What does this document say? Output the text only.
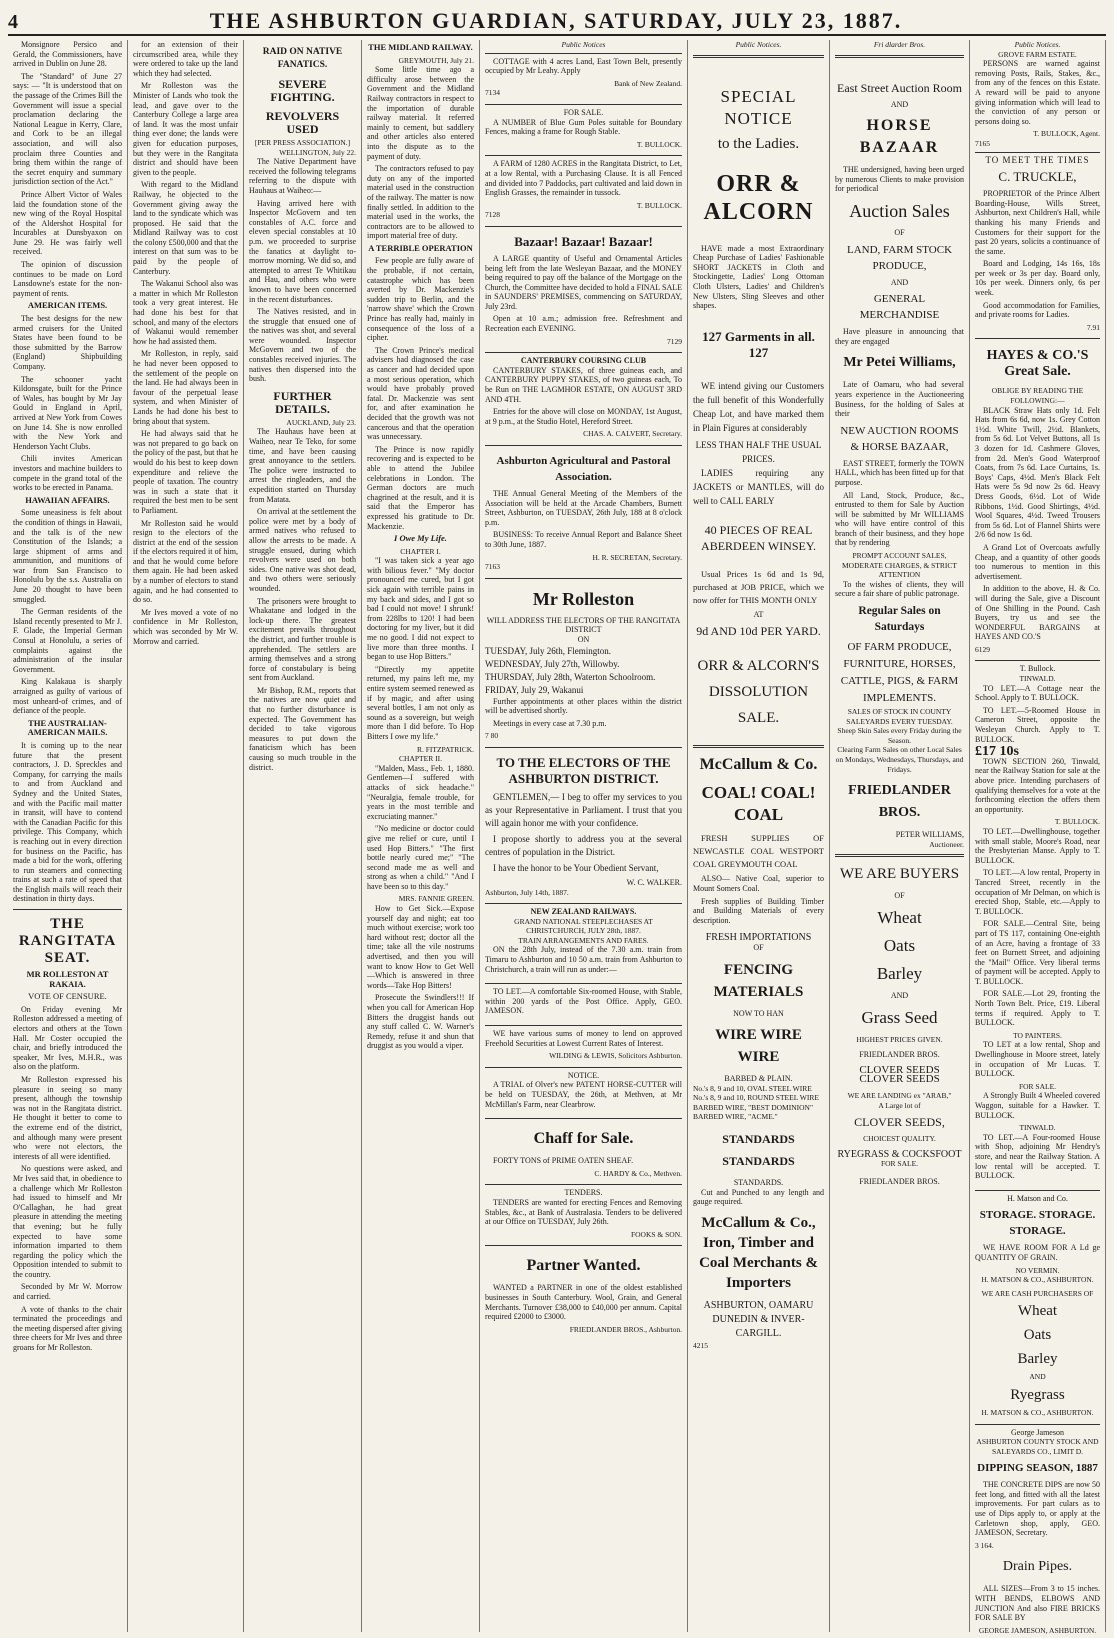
4	THE ASHBURTON GUARDIAN, SATURDAY, JULY 23, 1887.

Monsignore Persico and Gerald, the Commissioners, have arrived in Dublin on June 28.

The "Standard" of June 27 says: — "It is understood that on the passage of the Crimes Bill the Government will issue a special proclamation declaring the National League in Kerry, Clare, and Cork to be an illegal association, and will also proclaim three Counties and bring them within the range of the secret enquiry and summary jurisdiction section of the Act."

Prince Albert Victor of Wales laid the foundation stone of the new wing of the Royal Hospital of the Aldershot Hospital for Incurables at Dunsbyaxon on June 29. He was fairly well received.

The opinion of discussion continues to be made on Lord Lansdowne's estate for the non-payment of rents.

AMERICAN ITEMS.

The best designs for the new armed cruisers for the United States have been found to be those submitted by the Barrow (England) Shipbuilding Company.

The schooner yacht Kildonsgate, built for the Prince of Wales, has bought by Mr Jay Gould in England in April, arrived at New York from Cowes on June 14. She is now enrolled with the New York and Henderson Yacht Clubs.

Chili invites American investors and machine builders to compete in the grand total of the works to be erected in Panama.

HAWAIIAN AFFAIRS.

Some uneasiness is felt about the condition of things in Hawaii, and the talk is of the new Constitution of the Islands; a large shipment of arms and ammunition, and munitions of war from San Francisco to Honolulu by the s.s. Australia on June 20 thought to have been smuggled.

The German residents of the Island recently presented to Mr J. F. Glade, the Imperial German Consul at Honolulu, a series of complaints against the administration of the insular Government.

King Kalakaua is sharply arraigned as guilty of various of most unheard-of crimes, and of defiance of the people.

THE AUSTRALIAN-AMERICAN MAILS.

It is coming up to the near future that the present contractors, J. D. Spreckles and Company, for carrying the mails to and from Auckland and Sydney and the United States, and with the Pacific mail matter in transit, will have to contend with the Canadian Pacific for this privilege. This Company, which is reaching out in every direction for business on the Pacific, has made a bid for the work, offering to run steamers and connecting trains at such a rate of speed that the English mails will reach their destination in thirty days.

THE RANGITATA SEAT.
MR ROLLESTON AT RAKAIA.
VOTE OF CENSURE.

On Friday evening Mr Rolleston addressed a meeting of electors and others at the Town Hall. Mr Coster occupied the chair, and briefly introduced the speaker, Mr Ives, M.H.R., was also on the platform.

Mr Rolleston expressed his pleasure in seeing so many present, although the township was not in the Rangitata district. He thought it better to come to the extreme end of the district, and although many were present who were not electors, the interests of all were identified.

No questions were asked, and Mr Ives said that, in obedience to a challenge which Mr Rolleston had issued to himself and Mr O'Callaghan, he had great pleasure in attending the meeting that evening; but he fully expected to have some information imparted to them regarding the policy which the Opposition intended to submit to the country.

Seconded by Mr W. Morrow and carried.

A vote of thanks to the chair terminated the proceedings and the meeting dispersed after giving three cheers for Mr Ives and three groans for Mr Rolleston.

for an extension of their circumscribed area, while they were ordered to take up the land which they had selected.

Mr Rolleston was the Minister of Lands who took the lead, and gave over to the Canterbury College a large area of land. It was the most unfair thing ever done; the lands were given for education purposes, but they were in the Rangitata district and should have been given to the people.

With regard to the Midland Railway, he objected to the Government giving away the land to the syndicate which was proposed. He said that the Midland Railway was to cost the colony £500,000 and that the interest on that sum was to be paid by the people of Canterbury.

The Wakanui School also was a matter in which Mr Rolleston took a very great interest. He had done his best for that school, and many of the electors of Wakanui would remember how he had assisted them.

Mr Rolleston, in reply, said he had never been opposed to the settlement of the people on the land. He had always been in favour of the perpetual lease system, and when Minister of Lands he had done his best to bring about that system.

He had always said that he was not prepared to go back on the policy of the past, but that he would do his best to keep down expenditure and relieve the people of taxation. The country was in such a state that it required the best men to be sent to Parliament.

Mr Rolleston said he would resign to the electors of the district at the end of the session if the electors required it of him, and that he would come before them again. He had been asked by a number of electors to stand again, and he had consented to do so.

Mr Ives moved a vote of no confidence in Mr Rolleston, which was seconded by Mr W. Morrow and carried.

RAID ON NATIVE FANATICS.
SEVERE FIGHTING.
REVOLVERS USED
[PER PRESS ASSOCIATION.]
WELLINGTON, July 22.

The Native Department have received the following telegrams referring to the dispute with Hauhaus at Waiheo:—

Having arrived here with Inspector McGovern and ten constables of A.C. force and eleven special constables at 10 p.m. we proceeded to surprise the fanatics at daylight to-morrow morning. We did so, and attempted to arrest Te Whitikau and Hau, and others who were known to have been concerned in the recent disturbances.

The Natives resisted, and in the struggle that ensued one of the natives was shot, and several were wounded. Inspector McGovern and two of the constables received injuries. The natives then dispersed into the bush.

FURTHER DETAILS.
AUCKLAND, July 23.

The Hauhaus have been at Waiheo, near Te Teko, for some time, and have been causing great annoyance to the settlers. The police were instructed to arrest the ringleaders, and the expedition started on Thursday from Matata.

On arrival at the settlement the police were met by a body of armed natives who refused to allow the arrests to be made. A struggle ensued, during which revolvers were used on both sides. One native was shot dead, and two others were seriously wounded.

The prisoners were brought to Whakatane and lodged in the lock-up there. The greatest excitement prevails throughout the district, and further trouble is apprehended. The settlers are arming themselves and a strong force of constabulary is being sent from Auckland.

Mr Bishop, R.M., reports that the natives are now quiet and that no further disturbance is expected. The Government has decided to take vigorous measures to put down the fanaticism which has been causing so much trouble in the district.

THE MIDLAND RAILWAY.
GREYMOUTH, July 21.

Some little time ago a difficulty arose between the Government and the Midland Railway contractors in respect to the importation of durable railway material. It referred mainly to cement, but saddlery and other articles also entered into the dispute as to the payment of duty.

The contractors refused to pay duty on any of the imported material used in the construction of the railway. The matter is now finally settled. In addition to the material used in the works, the contractors are to be allowed to import material free of duty.

A TERRIBLE OPERATION

Few people are fully aware of the probable, if not certain, catastrophe which has been averted by Dr. Mackenzie's sudden trip to Berlin, and the 'narrow shave' which the Crown Prince has really had, mainly in consequence of the loss of a cipher.

The Crown Prince's medical advisers had diagnosed the case as cancer and had decided upon a most serious operation, which would have probably proved fatal. Dr. Mackenzie was sent for, and after examination he decided that the growth was not cancerous and that the operation was unnecessary.

The Prince is now rapidly recovering and is expected to be able to attend the Jubilee celebrations in London. The German doctors are much chagrined at the result, and it is said that the Emperor has expressed his gratitude to Dr. Mackenzie.

I Owe My Life.
CHAPTER I.

"I was taken sick a year ago with bilious fever." "My doctor pronounced me cured, but I got sick again with terrible pains in my back and sides, and I got so bad I could not move! I shrunk! from 228lbs to 120! I had been doctoring for my liver, but it did me no good. I did not expect to live more than three months. I began to use Hop Bitters."

"Directly my appetite returned, my pains left me, my entire system seemed renewed as if by magic, and after using several bottles, I am not only as sound as a sovereign, but weigh more than I did before. To Hop Bitters I owe my life."

R. FITZPATRICK.
CHAPTER II.

"Malden, Mass., Feb. 1, 1880. Gentlemen—I suffered with attacks of sick headache." "Neuralgia, female trouble, for years in the most terrible and excruciating manner."

"No medicine or doctor could give me relief or cure, until I used Hop Bitters." "The first bottle nearly cured me;" "The second made me as well and strong as when a child." "And I have been so to this day."

MRS. FANNIE GREEN.

How to Get Sick.—Expose yourself day and night; eat too much without exercise; work too hard without rest; doctor all the time; take all the vile nostrums advertised, and then you will want to know How to Get Well—Which is answered in three words—Take Hop Bitters!

Prosecute the Swindlers!!! If when you call for American Hop Bitters the druggist hands out any stuff called C. W. Warner's Remedy, refuse it and shun that druggist as you would a viper.

Public Notices

COTTAGE with 4 acres Land, East Town Belt, presently occupied by Mr Leahy. Apply

Bank of New Zealand.
7134
FOR SALE.

A NUMBER of Blue Gum Poles suitable for Boundary Fences, making a frame for Rough Stable.

T. BULLOCK.

A FARM of 1280 ACRES in the Rangitata District, to Let, at a low Rental, with a Purchasing Clause. It is all Fenced and divided into 7 Paddocks, part cultivated and laid down in English Grasses, the remainder in tussock.

T. BULLOCK.
7128
Bazaar! Bazaar! Bazaar!

A LARGE quantity of Useful and Ornamental Articles being left from the late Wesleyan Bazaar, and the MONEY being required to pay off the balance of the Mortgage on the Church, the Committee have decided to hold a FINAL SALE in SAUNDERS' PREMISES, commencing on SATURDAY, July 23rd.

Open at 10 a.m.; admission free. Refreshment and Recreation each EVENING.

7129
CANTERBURY COURSING CLUB

CANTERBURY STAKES, of three guineas each, and CANTERBURY PUPPY STAKES, of two guineas each, To be Run on THE LAGMHOR ESTATE, ON AUGUST 3RD AND 4TH.

Entries for the above will close on MONDAY, 1st August, at 9 p.m., at the Studio Hotel, Hereford Street.

CHAS. A. CALVERT, Secretary.
Ashburton Agricultural and Pastoral Association.

THE Annual General Meeting of the Members of the Association will be held at the Arcade Chambers, Burnett Street, Ashburton, on TUESDAY, 26th July, 188 at 8 o'clock p.m.

BUSINESS: To receive Annual Report and Balance Sheet to 30th June, 1887.

H. R. SECRETAN, Secretary.
7163
Mr Rolleston
WILL ADDRESS THE ELECTORS OF THE RANGITATA DISTRICT
ON
TUESDAY, July 26th, Flemington.
WEDNESDAY, July 27th, Willowby.
THURSDAY, July 28th, Waterton Schoolroom.
FRIDAY, July 29, Wakanui

Further appointments at other places within the district will be advertised shortly.

Meetings in every case at 7.30 p.m.

7 80
TO THE ELECTORS OF THE ASHBURTON DISTRICT.

GENTLEMEN,— I beg to offer my services to you as your Representative in Parliament. I trust that you will again honor me with your confidence.

I propose shortly to address you at the several centres of population in the District.

I have the honor to be Your Obedient Servant,

W. C. WALKER.
Ashburton, July 14th, 1887.
NEW ZEALAND RAILWAYS.
GRAND NATIONAL STEEPLECHASES AT CHRISTCHURCH, JULY 28th, 1887.
TRAIN ARRANGEMENTS AND FARES.

ON the 28th July, instead of the 7.30 a.m. train from Timaru to Ashburton and 10 50 a.m. train from Ashburton to Christchurch, a train will run as under:—

TO LET.—A comfortable Six-roomed House, with Stable, within 200 yards of the Post Office. Apply, GEO. JAMESON.

WE have various sums of money to lend on approved Freehold Securities at Lowest Current Rates of Interest.

WILDING & LEWIS, Solicitors Ashburton.
NOTICE.

A TRIAL of Olver's new PATENT HORSE-CUTTER will be held on TUESDAY, the 26th, at Methven, at Mr McMillan's Farm, near Clearbrow.

Chaff for Sale.

FORTY TONS of PRIME OATEN SHEAF.

C. HARDY & Co., Methven.
TENDERS.

TENDERS are wanted for erecting Fences and Removing Stables, &c., at Bank of Australasia. Tenders to be delivered at our Office on TUESDAY, July 26th.

FOOKS & SON.
Partner Wanted.

WANTED a PARTNER in one of the oldest established businesses in South Canterbury. Wool, Grain, and General Merchants. Turnover £38,000 to £40,000 per annum. Capital required £2000 to £3000.

FRIEDLANDER BROS., Ashburton.
Public Notices.
SPECIAL NOTICE
to the Ladies.
ORR & ALCORN

HAVE made a most Extraordinary Cheap Purchase of Ladies' Fashionable SHORT JACKETS in Cloth and Stockingette, Ladies' Long Ottoman Cloth Ulsters, Ladies' and Children's New Ulsters, Sling Sleeves and other shapes.

127 Garments in all. 127

WE intend giving our Customers the full benefit of this Wonderfully Cheap Lot, and have marked them in Plain Figures at considerably

LESS THAN HALF THE USUAL PRICES.

LADIES requiring any JACKETS or MANTLES, will do well to CALL EARLY

40 PIECES OF REAL ABERDEEN WINSEY.

Usual Prices 1s 6d and 1s 9d, purchased at JOB PRICE, which we now offer for THIS MONTH ONLY

AT
9d AND 10d PER YARD.
ORR & ALCORN'S DISSOLUTION SALE.
McCallum & Co.
COAL! COAL! COAL

FRESH SUPPLIES OF NEWCASTLE COAL WESTPORT COAL GREYMOUTH COAL

ALSO— Native Coal, superior to Mount Somers Coal.

Fresh supplies of Building Timber and Building Materials of every description.

FRESH IMPORTATIONS
OF
FENCING MATERIALS
NOW TO HAN
WIRE WIRE WIRE
BARBED & PLAIN.
No.'s 8, 9 and 10, OVAL STEEL WIRE
No.'s 8, 9 and 10, ROUND STEEL WIRE
BARBED WIRE, "BEST DOMINION"
BARBED WIRE, "ACME."
STANDARDS STANDARDS
STANDARDS.

Cut and Punched to any length and gauge required.

McCallum & Co., Iron, Timber and Coal Merchants & Importers
ASHBURTON, OAMARU DUNEDIN & INVER-CARGILL.
4215
Fri dlarder Bros.
East Street Auction Room
AND
HORSE BAZAAR

THE undersigned, having been urged by numerous Clients to make provision for periodical

Auction Sales
OF
LAND, FARM STOCK PRODUCE,
AND
GENERAL MERCHANDISE

Have pleasure in announcing that they are engaged

Mr Petei Williams,

Late of Oamaru, who had several years experience in the Auctioneering Business, for the holding of Sales at their

NEW AUCTION ROOMS & HORSE BAZAAR,

EAST STREET, formerly the TOWN HALL, which has been fitted up for that purpose.

All Land, Stock, Produce, &c., entrusted to them for Sale by Auction will be submitted by Mr WILLIAMS who will have entire control of this branch of their business, and they hope that by rendering

PROMPT ACCOUNT SALES, MODERATE CHARGES, & STRICT ATTENTION

To the wishes of clients, they will secure a fair share of public patronage.

Regular Sales on Saturdays
OF FARM PRODUCE, FURNITURE, HORSES, CATTLE, PIGS, & FARM IMPLEMENTS.
SALES OF STOCK IN COUNTY SALEYARDS EVERY TUESDAY.
Sheep Skin Sales every Friday during the Season.
Clearing Farm Sales on other Local Sales on Mondays, Wednesdays, Thursdays, and Fridays.
FRIEDLANDER BROS.
PETER WILLIAMS,
Auctioneer.
WE ARE BUYERS
OF
Wheat
Oats
Barley
AND
Grass Seed
HIGHEST PRICES GIVEN.
FRIEDLANDER BROS.
CLOVER SEEDS
CLOVER SEEDS
WE ARE LANDING ex "ARAB,"
A Large lot of
CLOVER SEEDS,
CHOICEST QUALITY.
RYEGRASS & COCKSFOOT
FOR SALE.
FRIEDLANDER BROS.
Public Notices.
GROVE FARM ESTATE.

PERSONS are warned against removing Posts, Rails, Stakes, &c., from any of the fences on this Estate. A reward will be paid to anyone giving information which will lead to the conviction of any person or persons doing so.

T. BULLOCK, Agent.
7165
TO MEET THE TIMES
C. TRUCKLE,

PROPRIETOR of the Prince Albert Boarding-House, Wills Street, Ashburton, next Children's Hall, while thanking his many Friends and Customers for their support for the past 20 years, solicits a continuance of the same.

Board and Lodging, 14s 16s, 18s per week or 3s per day. Board only, 10s per week. Dinners only, 6s per week.

Good accommodation for Families, and private rooms for Ladies.

7.91
HAYES & CO.'S Great Sale.
OBLIGE BY READING THE FOLLOWING:—

BLACK Straw Hats only 1d. Felt Hats from 6s 6d, now 1s. Grey Cotton 1½d. White Twill, 2½d. Blankets, from 5s 6d. Lot Velvet Buttons, all 1s 3 dozen for 1d. Cashmere Gloves, from 2d. Men's Good Waterproof Coats, from 7s 6d. Lace Curtains, 1s. Boys' Caps, 4½d. Men's Black Felt Hats were 5s 9d now 2s 6d. Heavy Dress Goods, 6½d. Lot of Wide Ribbons, 1½d. Good Shirtings, 4½d. Wool Squares, 4½d. Tweed Trousers from 5s 6d. Lot of Flannel Shirts were 2/6 6d now 1s 6d.

A Grand Lot of Overcoats awfully Cheap, and a quantity of other goods too numerous to mention in this advertisement.

In addition to the above, H. & Co. will during the Sale, give a Discount of One Shilling in the Pound. Cash Buyers, try us and see the WONDERFUL BARGAINS at HAYES AND CO.'S

6129
T. Bullock.
TINWALD.

TO LET.—A Cottage near the School. Apply to T. BULLOCK.

TO LET.—5-Roomed House in Cameron Street, opposite the Wesleyan Church. Apply to T. BULLOCK.

£17 10s

TOWN SECTION 260, Tinwald, near the Railway Station for sale at the above price. Intending purchasers of qualifying themselves for a vote at the forthcoming election the offers them an opportunity.

T. BULLOCK.

TO LET.—Dwellinghouse, together with small stable, Moore's Road, near the Presbyterian Manse. Apply to T. BULLOCK.

TO LET.—A low rental, Property in Tancred Street, recently in the occupation of Mr Delman, on which is erected Shop, Stable, etc.—Apply to T. BULLOCK.

FOR SALE.—Central Site, being part of TS 117, containing One-eighth of an Acre, having a frontage of 33 feet on Burnett Street, and adjoining the "Mail" Office. Very liberal terms of payment will be accepted. Apply to T. BULLOCK.

FOR SALE.—Lot 29, fronting the North Town Belt. Price, £19. Liberal terms if required. Apply to T. BULLOCK.

TO PAINTERS.

TO LET at a low rental, Shop and Dwellinghouse in Moore street, lately in occupation of Mr Lucas. T. BULLOCK.

FOR SALE.

A Strongly Built 4 Wheeled covered Waggon, suitable for a Hawker. T. BULLOCK.

TINWALD.

TO LET.—A Four-roomed House with Shop, adjoining Mr Hendry's store, and near the Railway Station. A low rental will be accepted. T. BULLOCK.

H. Matson and Co.
STORAGE. STORAGE. STORAGE.

WE HAVE ROOM FOR A Ld ge QUANTITY OF GRAIN.

NO VERMIN.
H. MATSON & CO., ASHBURTON.
WE ARE CASH PURCHASERS OF
Wheat
Oats
Barley
AND
Ryegrass
H. MATSON & CO., ASHBURTON.
George Jameson
ASHBURTON COUNTY STOCK AND SALEYARDS CO., LIMIT D.
DIPPING SEASON, 1887

THE CONCRETE DIPS are now 50 feet long, and fitted with all the latest improvements. For part culars as to use of Dips apply to, or apply at the Carletown shop, apply, GEO. JAMESON, Secretary.

3 164.
Drain Pipes.

ALL SIZES—From 3 to 15 inches. WITH BENDS, ELBOWS AND JUNCTION And also FIRE BRICKS FOR SALE BY

GEORGE JAMESON, ASHBURTON.
